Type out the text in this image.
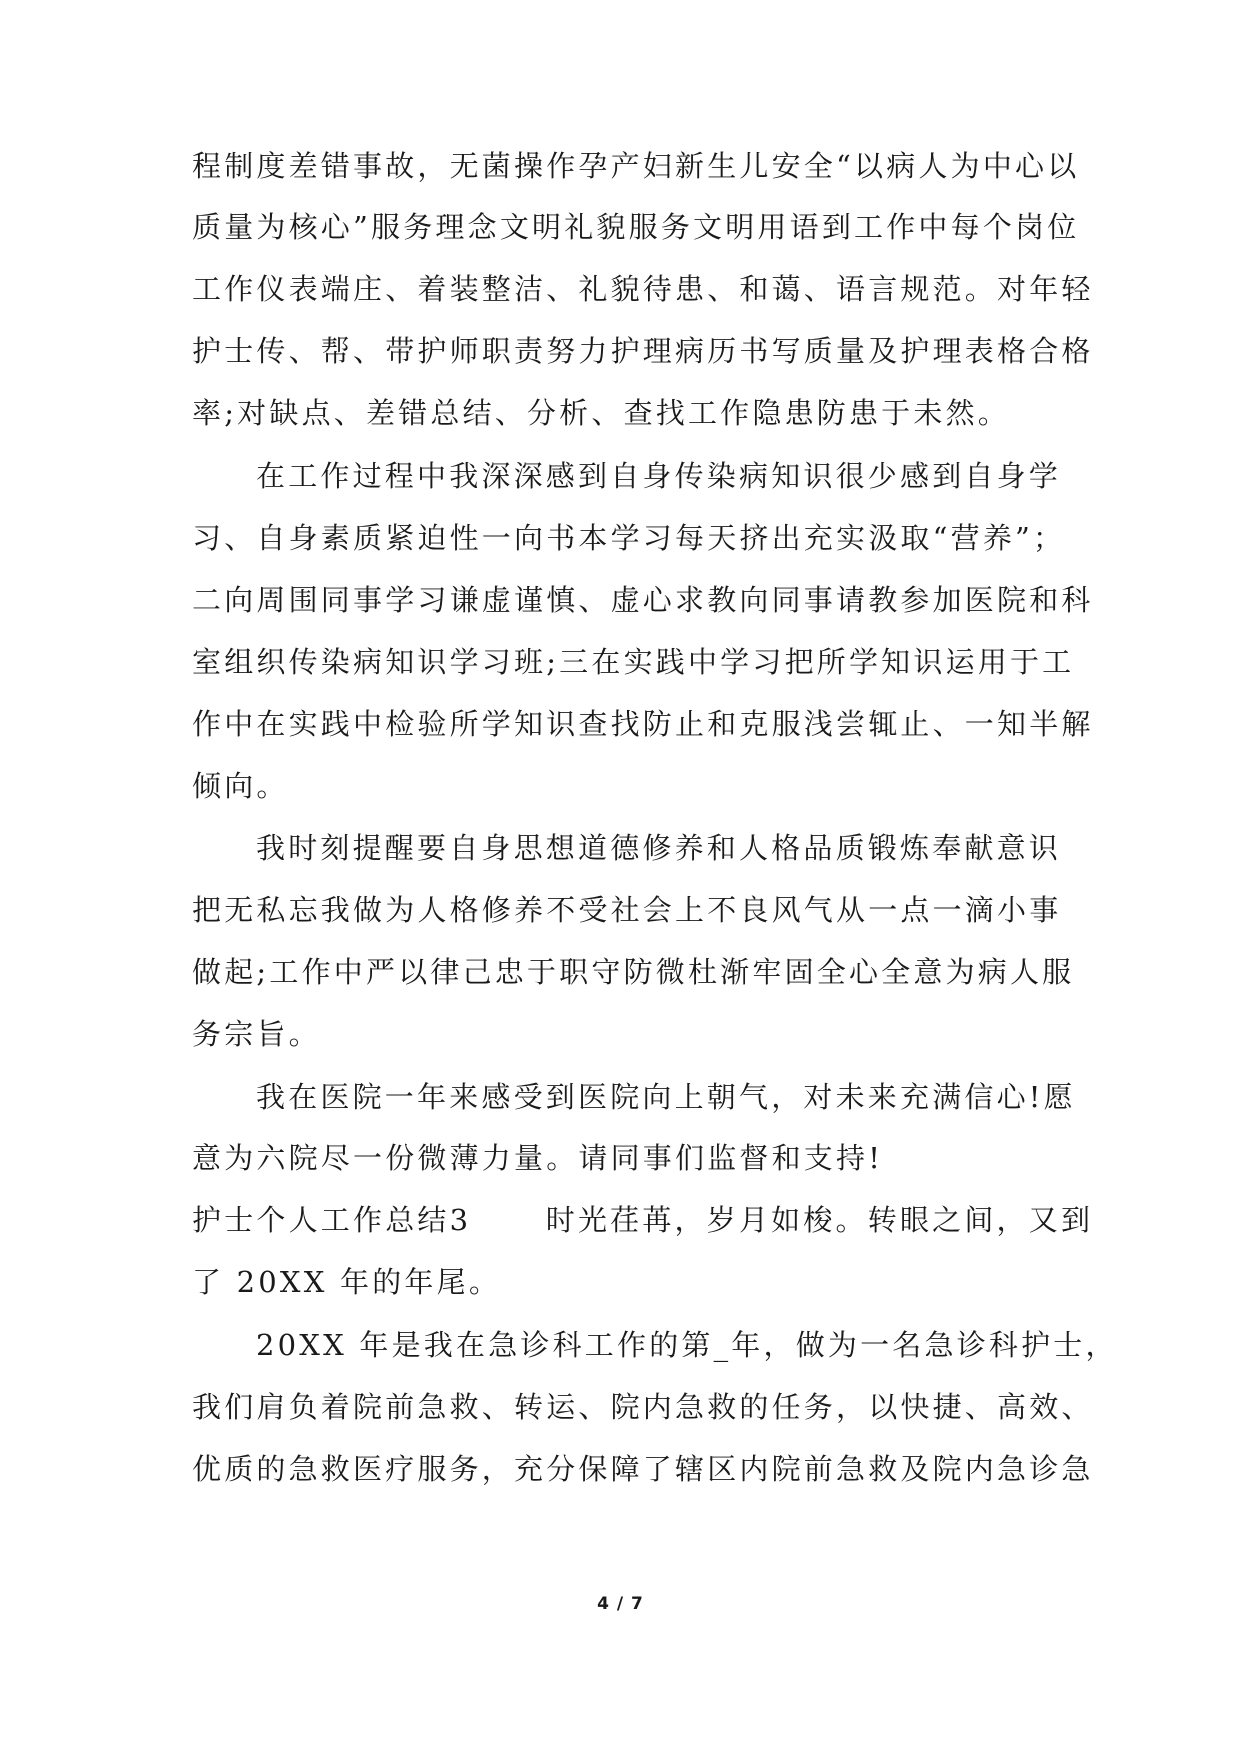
程制度差错事故，无菌操作孕产妇新生儿安全“以病人为中心以
质量为核心”服务理念文明礼貌服务文明用语到工作中每个岗位
工作仪表端庄、着装整洁、礼貌待患、和蔼、语言规范。对年轻
护士传、帮、带护师职责努力护理病历书写质量及护理表格合格
率;对缺点、差错总结、分析、查找工作隐患防患于未然。
在工作过程中我深深感到自身传染病知识很少感到自身学
习、自身素质紧迫性一向书本学习每天挤出充实汲取“营养”；
二向周围同事学习谦虚谨慎、虚心求教向同事请教参加医院和科
室组织传染病知识学习班;三在实践中学习把所学知识运用于工
作中在实践中检验所学知识查找防止和克服浅尝辄止、一知半解
倾向。
我时刻提醒要自身思想道德修养和人格品质锻炼奉献意识
把无私忘我做为人格修养不受社会上不良风气从一点一滴小事
做起;工作中严以律己忠于职守防微杜渐牢固全心全意为病人服
务宗旨。
我在医院一年来感受到医院向上朝气，对未来充满信心!愿
意为六院尽一份微薄力量。请同事们监督和支持!
护士个人工作总结3      时光荏苒，岁月如梭。转眼之间，又到
了 20XX 年的年尾。
20XX 年是我在急诊科工作的第_年，做为一名急诊科护士，
我们肩负着院前急救、转运、院内急救的任务，以快捷、高效、
优质的急救医疗服务，充分保障了辖区内院前急救及院内急诊急
4 / 7
